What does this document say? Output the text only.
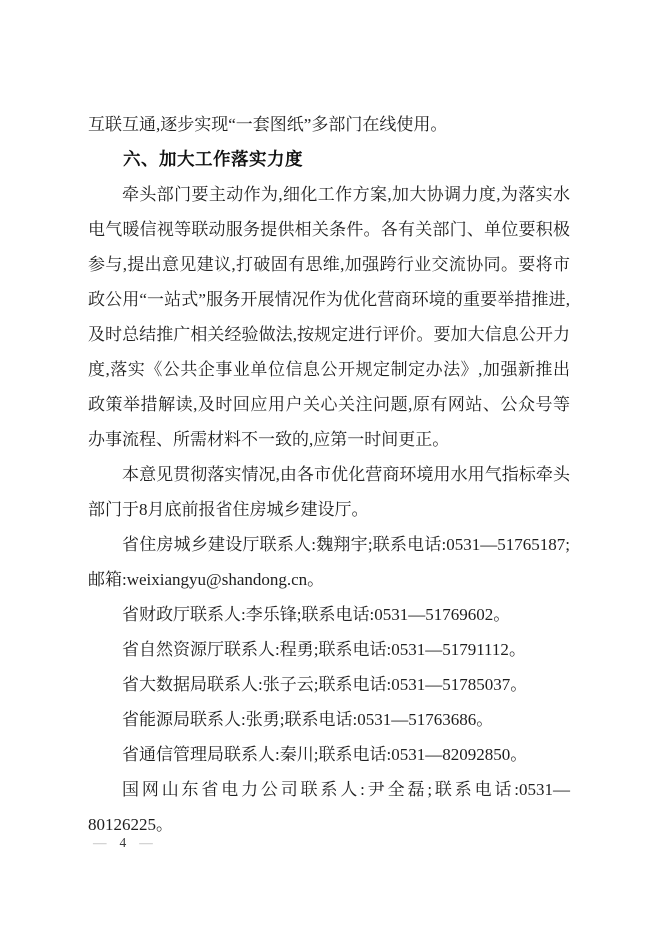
互联互通,逐步实现“一套图纸”多部门在线使用。

六、加大工作落实力度

牵头部门要主动作为,细化工作方案,加大协调力度,为落实水电气暖信视等联动服务提供相关条件。各有关部门、单位要积极参与,提出意见建议,打破固有思维,加强跨行业交流协同。要将市政公用“一站式”服务开展情况作为优化营商环境的重要举措推进,及时总结推广相关经验做法,按规定进行评价。要加大信息公开力度,落实《公共企事业单位信息公开规定制定办法》,加强新推出政策举措解读,及时回应用户关心关注问题,原有网站、公众号等办事流程、所需材料不一致的,应第一时间更正。

本意见贯彻落实情况,由各市优化营商环境用水用气指标牵头部门于8月底前报省住房城乡建设厅。

省住房城乡建设厅联系人:魏翔宇;联系电话:0531—51765187;邮箱:weixiangyu@shandong.cn。

省财政厅联系人:李乐锋;联系电话:0531—51769602。

省自然资源厅联系人:程勇;联系电话:0531—51791112。

省大数据局联系人:张子云;联系电话:0531—51785037。

省能源局联系人:张勇;联系电话:0531—51763686。

省通信管理局联系人:秦川;联系电话:0531—82092850。

国网山东省电力公司联系人:尹全磊;联系电话:0531—80126225。

— 4 —
